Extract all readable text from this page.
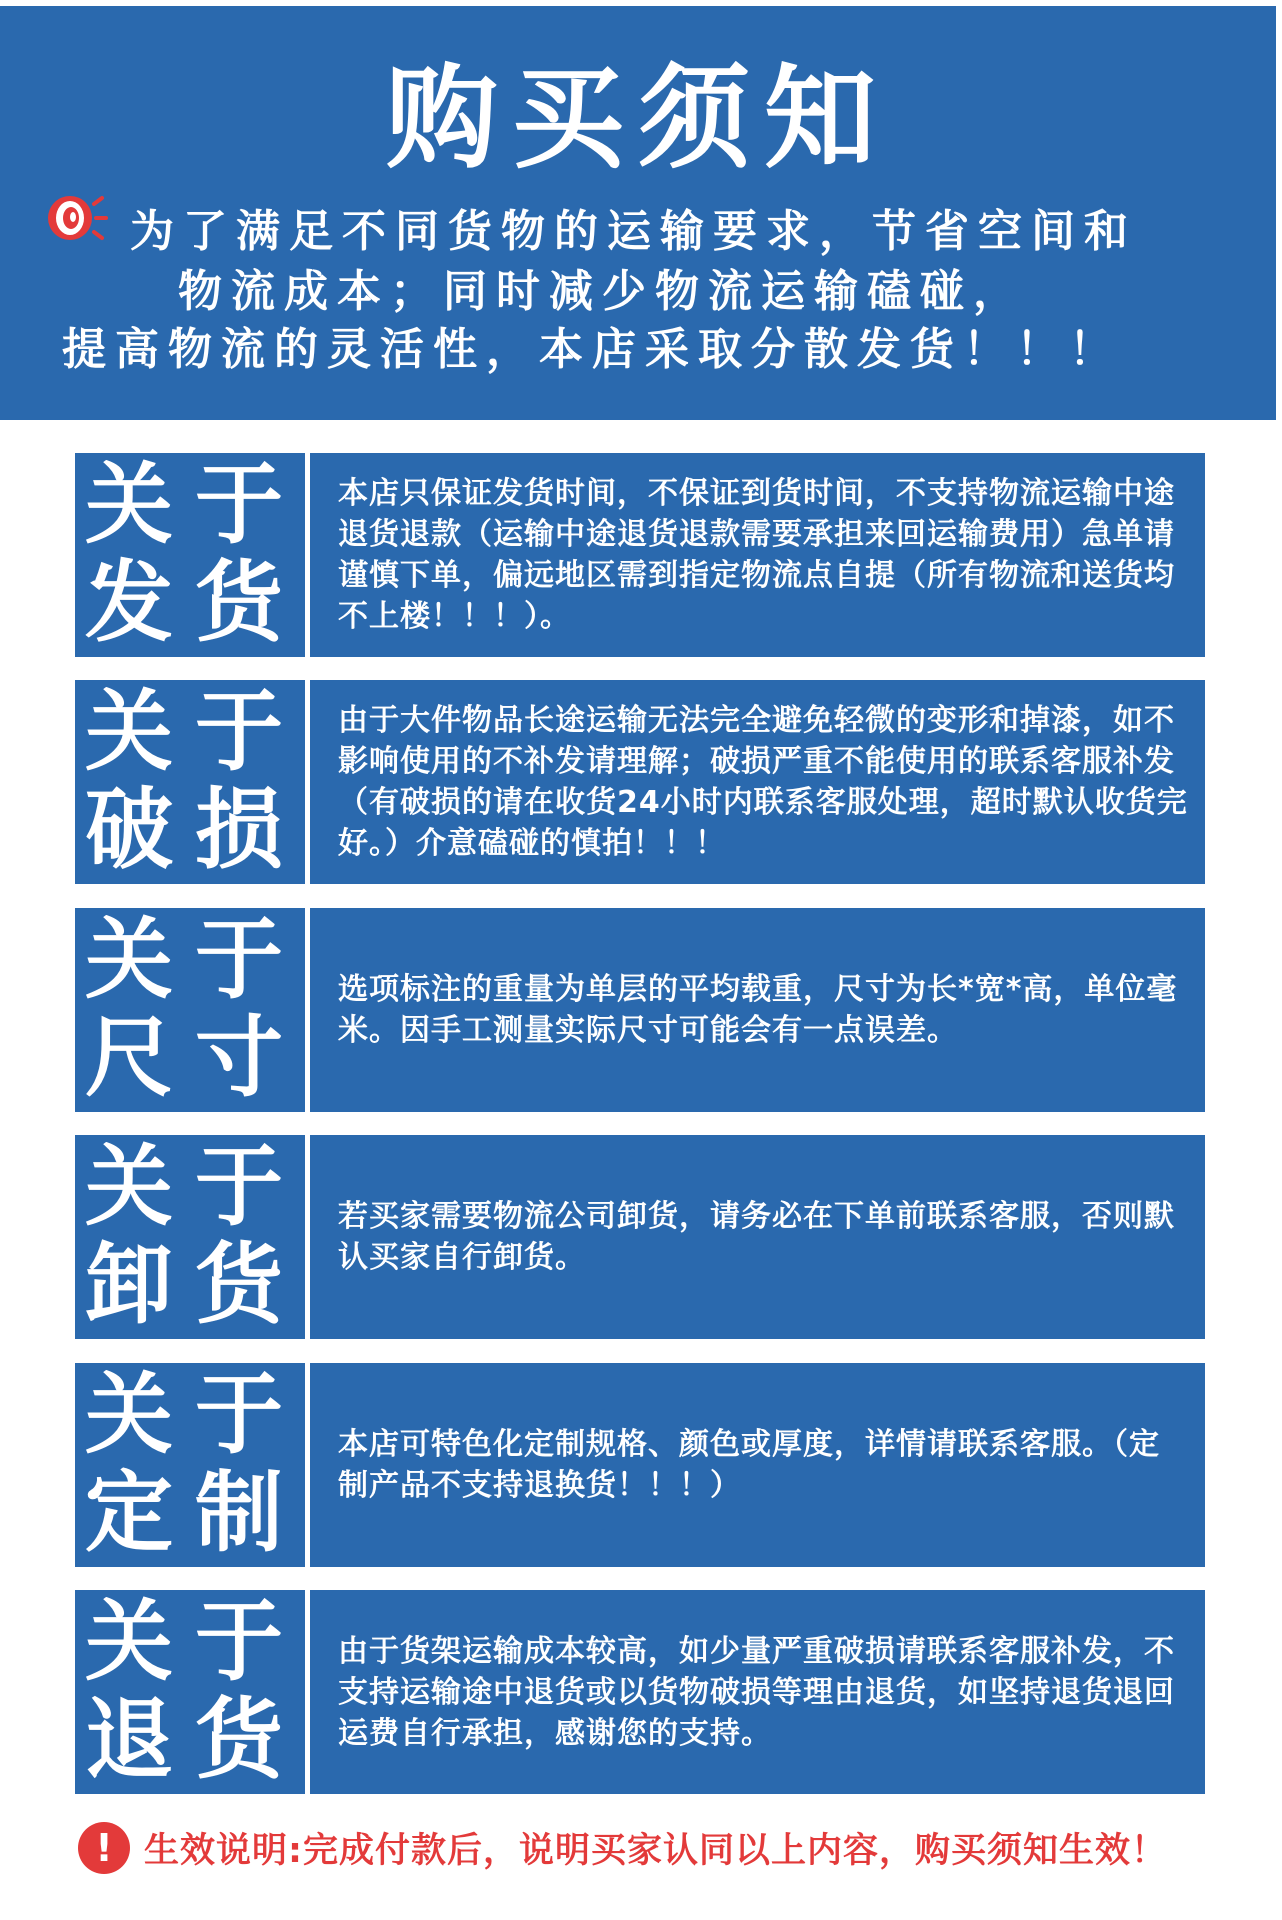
购买须知
为了满足不同货物的运输要求，节省空间和
物流成本；同时减少物流运输磕碰，
提高物流的灵活性，本店采取分散发货！！！
关于
发货
本店只保证发货时间，不保证到货时间，不支持物流运输中途退货退款（运输中途退货退款需要承担来回运输费用）急单请谨慎下单，偏远地区需到指定物流点自提（所有物流和送货均不上楼！！！）。
关于
破损
由于大件物品长途运输无法完全避免轻微的变形和掉漆，如不影响使用的不补发请理解；破损严重不能使用的联系客服补发（有破损的请在收货24小时内联系客服处理，超时默认收货完好。）介意磕碰的慎拍！！！
关于
尺寸
选项标注的重量为单层的平均载重，尺寸为长*宽*高，单位毫米。因手工测量实际尺寸可能会有一点误差。
关于
卸货
若买家需要物流公司卸货，请务必在下单前联系客服，否则默认买家自行卸货。
关于
定制
本店可特色化定制规格、颜色或厚度，详情请联系客服。（定制产品不支持退换货！！！）
关于
退货
由于货架运输成本较高，如少量严重破损请联系客服补发，不支持运输途中退货或以货物破损等理由退货，如坚持退货退回运费自行承担，感谢您的支持。
! 生效说明:完成付款后，说明买家认同以上内容，购买须知生效！
